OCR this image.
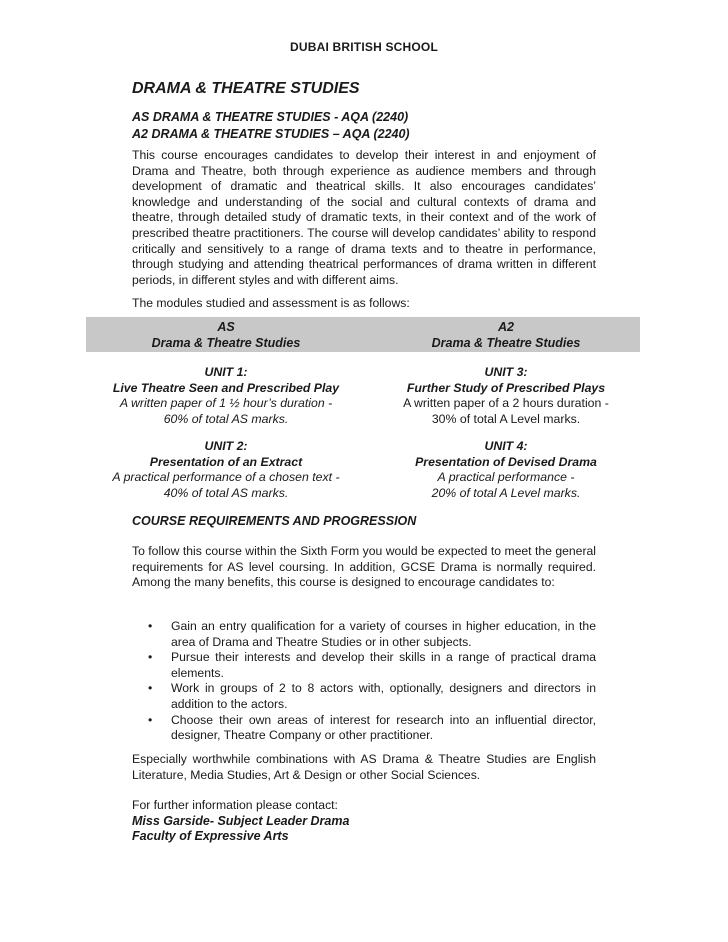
DUBAI BRITISH SCHOOL
DRAMA & THEATRE STUDIES
AS DRAMA & THEATRE STUDIES - AQA (2240)
A2 DRAMA & THEATRE STUDIES – AQA (2240)

This course encourages candidates to develop their interest in and enjoyment of Drama and Theatre, both through experience as audience members and through development of dramatic and theatrical skills. It also encourages candidates’ knowledge and understanding of the social and cultural contexts of drama and theatre, through detailed study of dramatic texts, in their context and of the work of prescribed theatre practitioners. The course will develop candidates’ ability to respond critically and sensitively to a range of drama texts and to theatre in performance, through studying and attending theatrical performances of drama written in different periods, in different styles and with different aims.

The modules studied and assessment is as follows:

AS
Drama & Theatre Studies
A2
Drama & Theatre Studies
UNIT 1:
Live Theatre Seen and Prescribed Play
A written paper of 1 ½ hour’s duration -
60% of total AS marks.
UNIT 3:
Further Study of Prescribed Plays
A written paper of a 2 hours duration -
30% of total A Level marks.
UNIT 2:
Presentation of an Extract
A practical performance of a chosen text -
40% of total AS marks.
UNIT 4:
Presentation of Devised Drama
A practical performance -
20% of total A Level marks.
COURSE REQUIREMENTS AND PROGRESSION

To follow this course within the Sixth Form you would be expected to meet the general requirements for AS level coursing. In addition, GCSE Drama is normally required. Among the many benefits, this course is designed to encourage candidates to:

• Gain an entry qualification for a variety of courses in higher education, in the area of Drama and Theatre Studies or in other subjects.
• Pursue their interests and develop their skills in a range of practical drama elements.
• Work in groups of 2 to 8 actors with, optionally, designers and directors in addition to the actors.
• Choose their own areas of interest for research into an influential director, designer, Theatre Company or other practitioner.

Especially worthwhile combinations with AS Drama & Theatre Studies are English Literature, Media Studies, Art & Design or other Social Sciences.

For further information please contact:

Miss Garside- Subject Leader Drama
Faculty of Expressive Arts
